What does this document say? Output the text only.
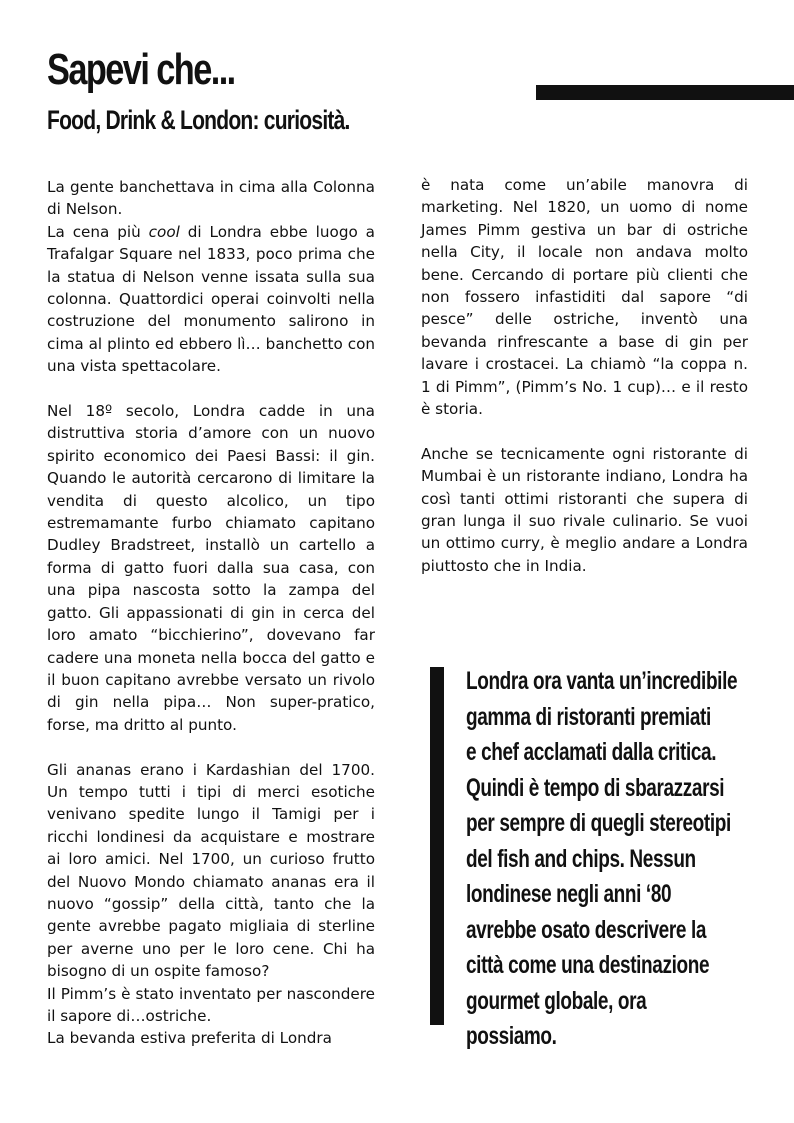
Sapevi che...
Food, Drink & London: curiosità.

La gente banchettava in cima alla Colonna di Nelson.

La cena più cool di Londra ebbe luogo a Trafalgar Square nel 1833, poco prima che la statua di Nelson venne issata sulla sua colonna. Quattordici operai coinvolti nella costruzione del monumento salirono in cima al plinto ed ebbero lì… banchetto con una vista spettacolare.

Nel 18º secolo, Londra cadde in una distruttiva storia d’amore con un nuovo spirito economico dei Paesi Bassi: il gin. Quando le autorità cercarono di limitare la vendita di questo alcolico, un tipo estremamante furbo chiamato capitano Dudley Bradstreet, installò un cartello a forma di gatto fuori dalla sua casa, con una pipa nascosta sotto la zampa del gatto. Gli appassionati di gin in cerca del loro amato “bicchierino”, dovevano far cadere una moneta nella bocca del gatto e il buon capitano avrebbe versato un rivolo di gin nella pipa… Non super-pratico, forse, ma dritto al punto.

Gli ananas erano i Kardashian del 1700. Un tempo tutti i tipi di merci esotiche venivano spedite lungo il Tamigi per i ricchi londinesi da acquistare e mostrare ai loro amici. Nel 1700, un curioso frutto del Nuovo Mondo chiamato ananas era il nuovo “gossip” della città, tanto che la gente avrebbe pagato migliaia di sterline per averne uno per le loro cene. Chi ha bisogno di un ospite famoso?

Il Pimm’s è stato inventato per nascondere il sapore di…ostriche.

La bevanda estiva preferita di Londra

è nata come un’abile manovra di marketing. Nel 1820, un uomo di nome James Pimm gestiva un bar di ostriche nella City, il locale non andava molto bene. Cercando di portare più clienti che non fossero infastiditi dal sapore “di pesce” delle ostriche, inventò una bevanda rinfrescante a base di gin per lavare i crostacei. La chiamò “la coppa n. 1 di Pimm”, (Pimm’s No. 1 cup)… e il resto è storia.

Anche se tecnicamente ogni ristorante di Mumbai è un ristorante indiano, Londra ha così tanti ottimi ristoranti che supera di gran lunga il suo rivale culinario. Se vuoi un ottimo curry, è meglio andare a Londra piuttosto che in India.

Londra ora vanta un’incredibile
gamma di ristoranti premiati
e chef acclamati dalla critica.
Quindi è tempo di sbarazzarsi
per sempre di quegli stereotipi
del fish and chips. Nessun
londinese negli anni ‘80
avrebbe osato descrivere la
città come una destinazione
gourmet globale, ora
possiamo.
